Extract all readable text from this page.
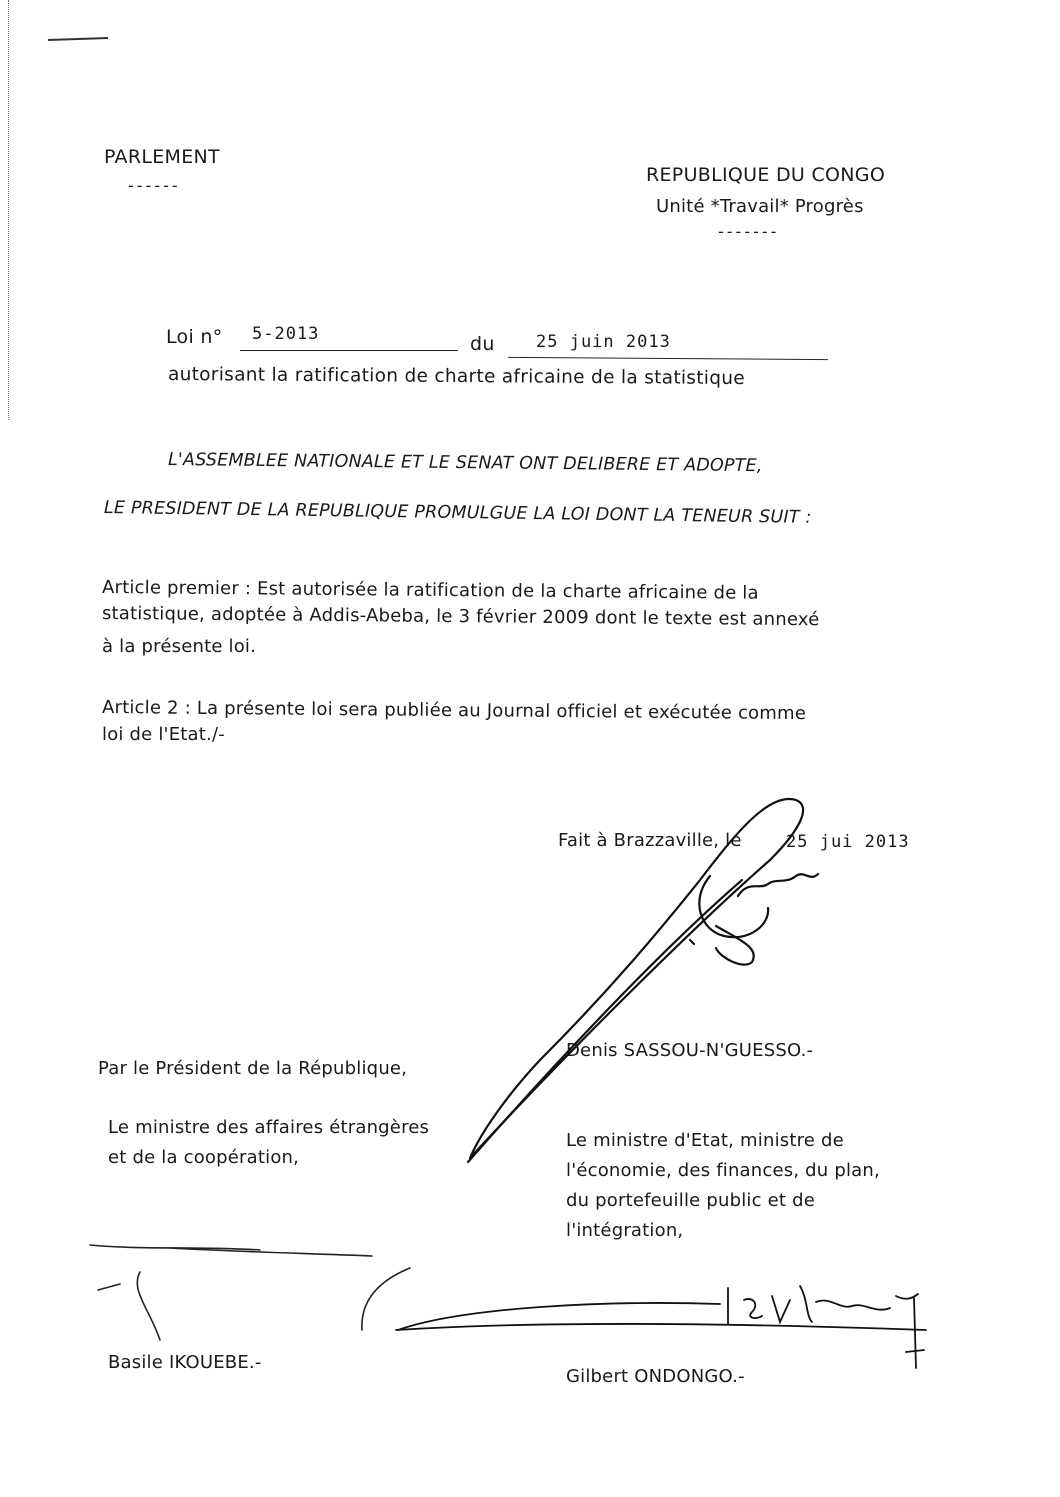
PARLEMENT
------	REPUBLIQUE DU CONGO
Unité *Travail* Progrès
-------
Loi n° 5-2013	du 25 juin 2013
autorisant la ratification de charte africaine de la statistique
L'ASSEMBLEE NATIONALE ET LE SENAT ONT DELIBERE ET ADOPTE,
LE PRESIDENT DE LA REPUBLIQUE PROMULGUE LA LOI DONT LA TENEUR SUIT :
Article premier : Est autorisée la ratification de la charte africaine de la
statistique, adoptée à Addis-Abeba, le 3 février 2009 dont le texte est annexé
à la présente loi.
Article 2 : La présente loi sera publiée au Journal officiel et exécutée comme
loi de l'Etat./-
Fait à Brazzaville, le	25 jui 2013
Denis SASSOU-N'GUESSO.-
Par le Président de la République,
Le ministre des affaires étrangères
et de la coopération,
Basile IKOUEBE.-
Le ministre d'Etat, ministre de
l'économie, des finances, du plan,
du portefeuille public et de
l'intégration,
Gilbert ONDONGO.-
